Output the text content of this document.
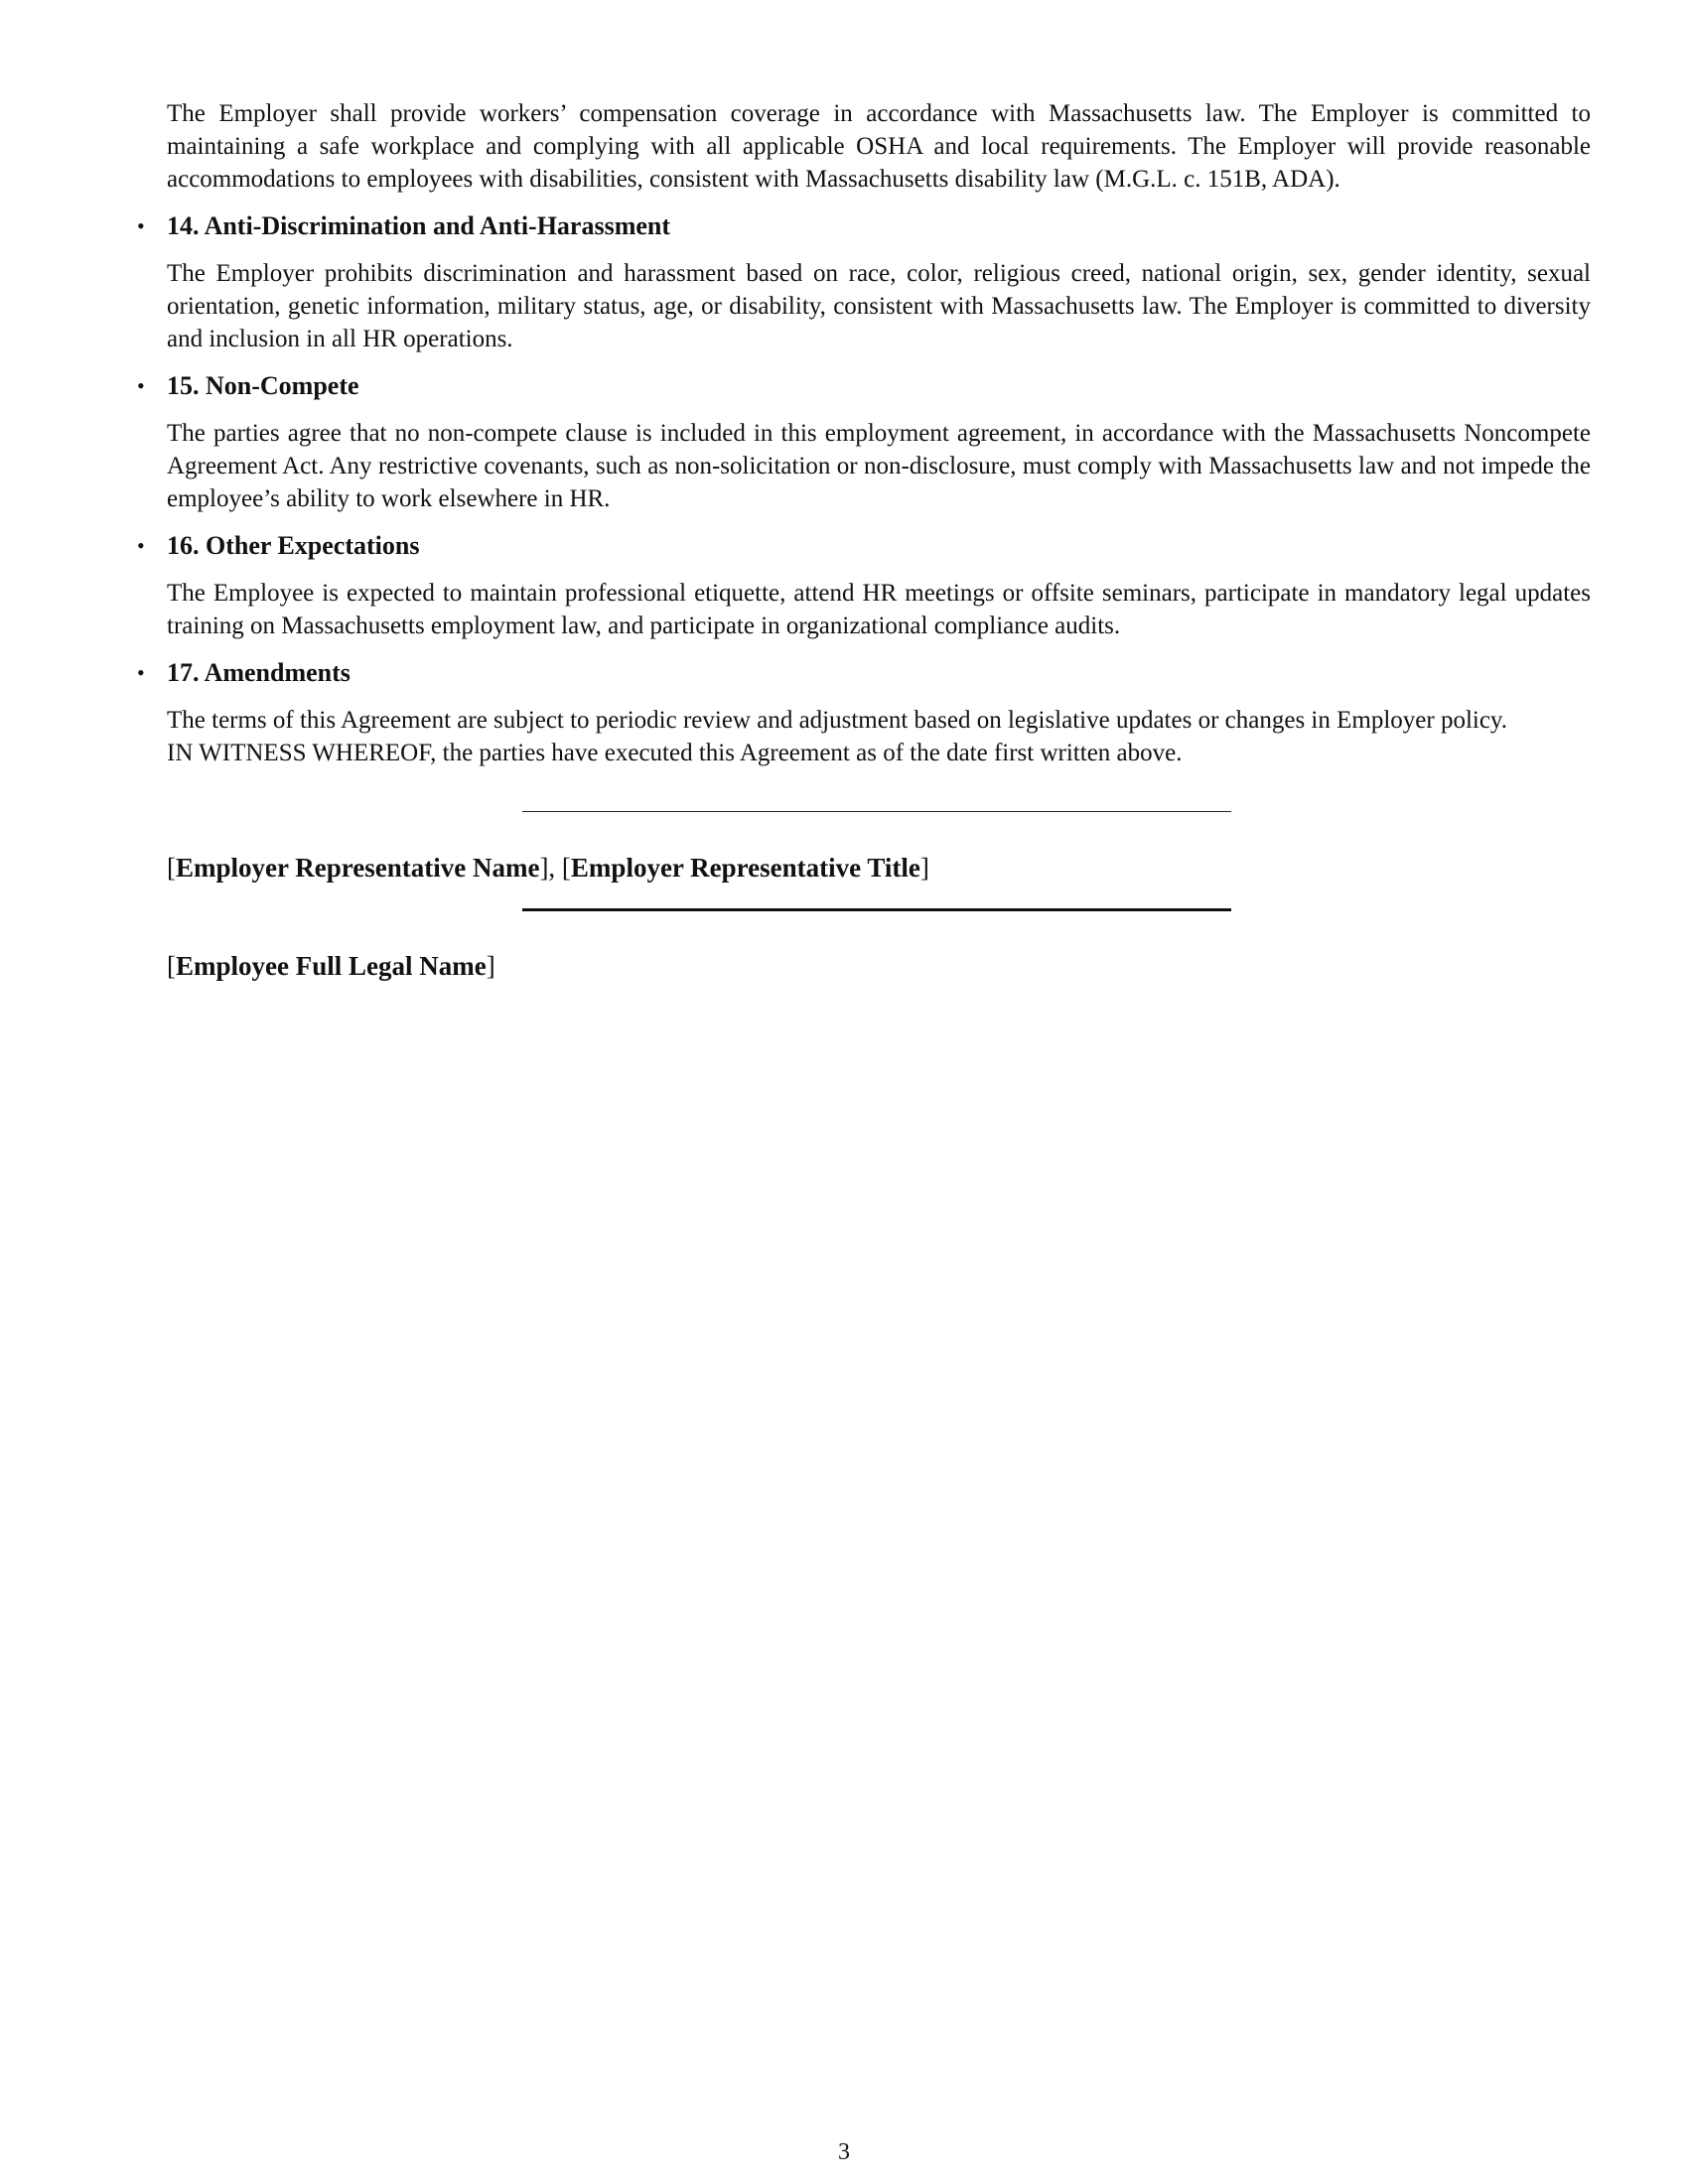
The Employer shall provide workers’ compensation coverage in accordance with Massachusetts law. The Employer is committed to maintaining a safe workplace and complying with all applicable OSHA and local requirements. The Employer will provide reasonable accommodations to employees with disabilities, consistent with Massachusetts disability law (M.G.L. c. 151B, ADA).

• 14. Anti-Discrimination and Anti-Harassment

The Employer prohibits discrimination and harassment based on race, color, religious creed, national origin, sex, gender identity, sexual orientation, genetic information, military status, age, or disability, consistent with Massachusetts law. The Employer is committed to diversity and inclusion in all HR operations.

• 15. Non-Compete

The parties agree that no non-compete clause is included in this employment agreement, in accordance with the Massachusetts Noncompete Agreement Act. Any restrictive covenants, such as non-solicitation or non-disclosure, must comply with Massachusetts law and not impede the employee’s ability to work elsewhere in HR.

• 16. Other Expectations

The Employee is expected to maintain professional etiquette, attend HR meetings or offsite seminars, participate in mandatory legal updates training on Massachusetts employment law, and participate in organizational compliance audits.

• 17. Amendments

The terms of this Agreement are subject to periodic review and adjustment based on legislative updates or changes in Employer policy.

IN WITNESS WHEREOF, the parties have executed this Agreement as of the date first written above.

[Employer Representative Name], [Employer Representative Title]
[Employee Full Legal Name]
3
